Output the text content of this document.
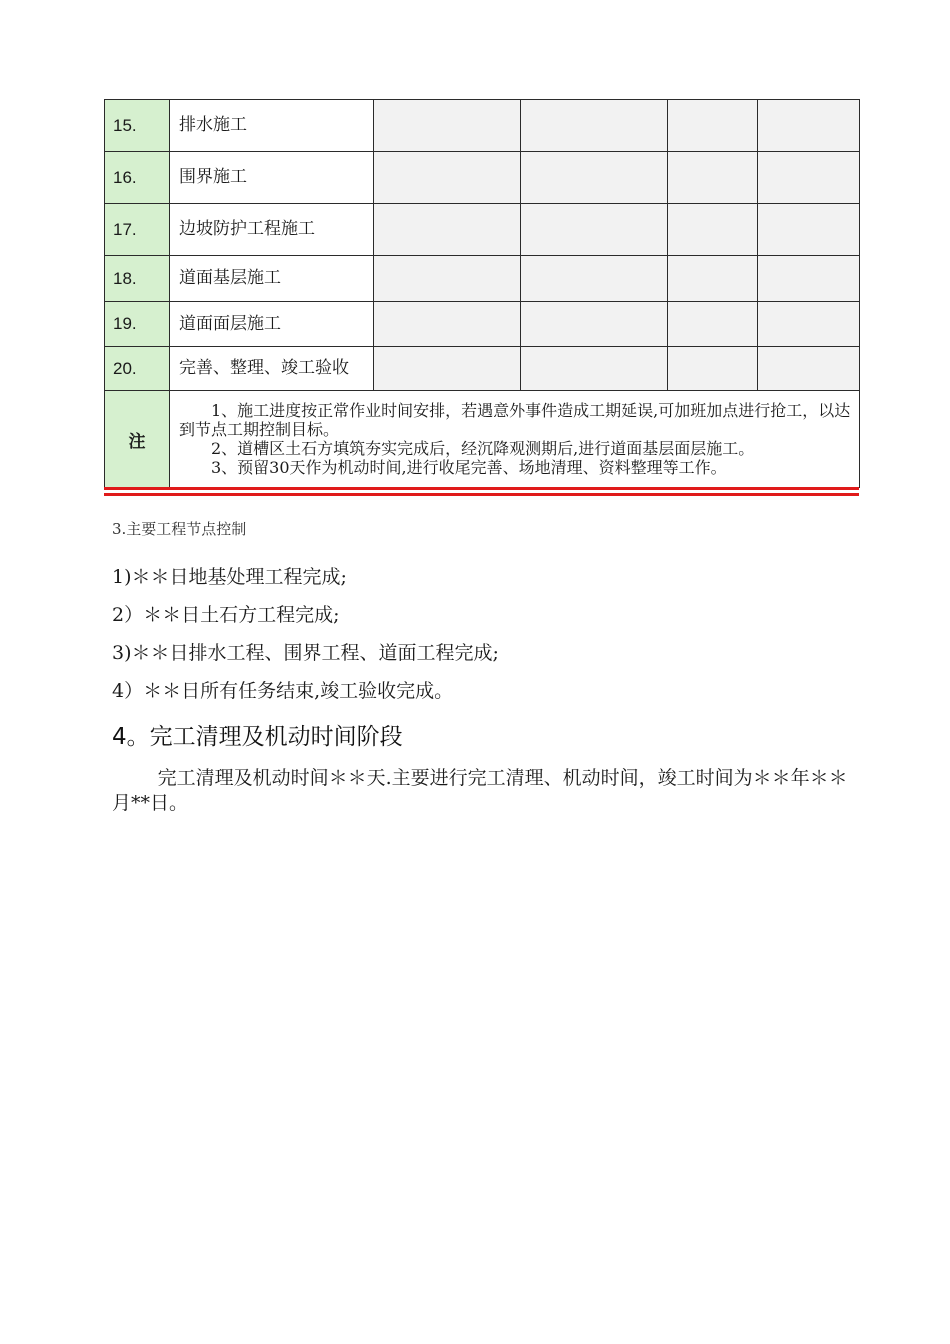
15.	排水施工				
16.	围界施工				
17.	边坡防护工程施工				
18.	道面基层施工				
19.	道面面层施工				
20.	完善、整理、竣工验收				
注	1、施工进度按正常作业时间安排，若遇意外事件造成工期延误,可加班加点进行抢工，以达到节点工期控制目标。

2、道槽区土石方填筑夯实完成后，经沉降观测期后,进行道面基层面层施工。

3、预留30天作为机动时间,进行收尾完善、场地清理、资料整理等工作。				

3.主要工程节点控制
1)＊＊日地基处理工程完成;
2）＊＊日土石方工程完成;
3)＊＊日排水工程、围界工程、道面工程完成;
4）＊＊日所有任务结束,竣工验收完成。
4。完工清理及机动时间阶段

完工清理及机动时间＊＊天.主要进行完工清理、机动时间，竣工时间为＊＊年＊＊月**日。
